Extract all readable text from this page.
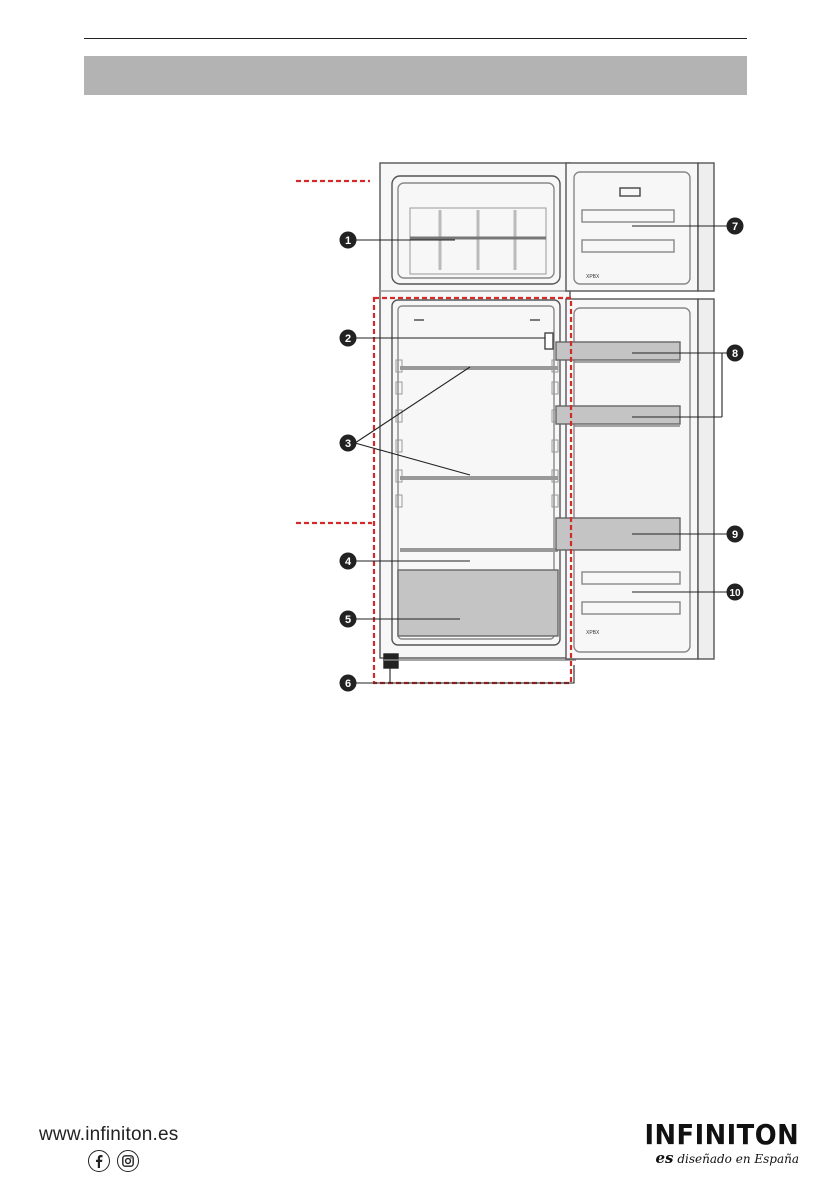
XPBX
XPBX
1
2
3
4
5
6
7
8
9
10
www.infiniton.es	INFINITON
es diseñado en España
